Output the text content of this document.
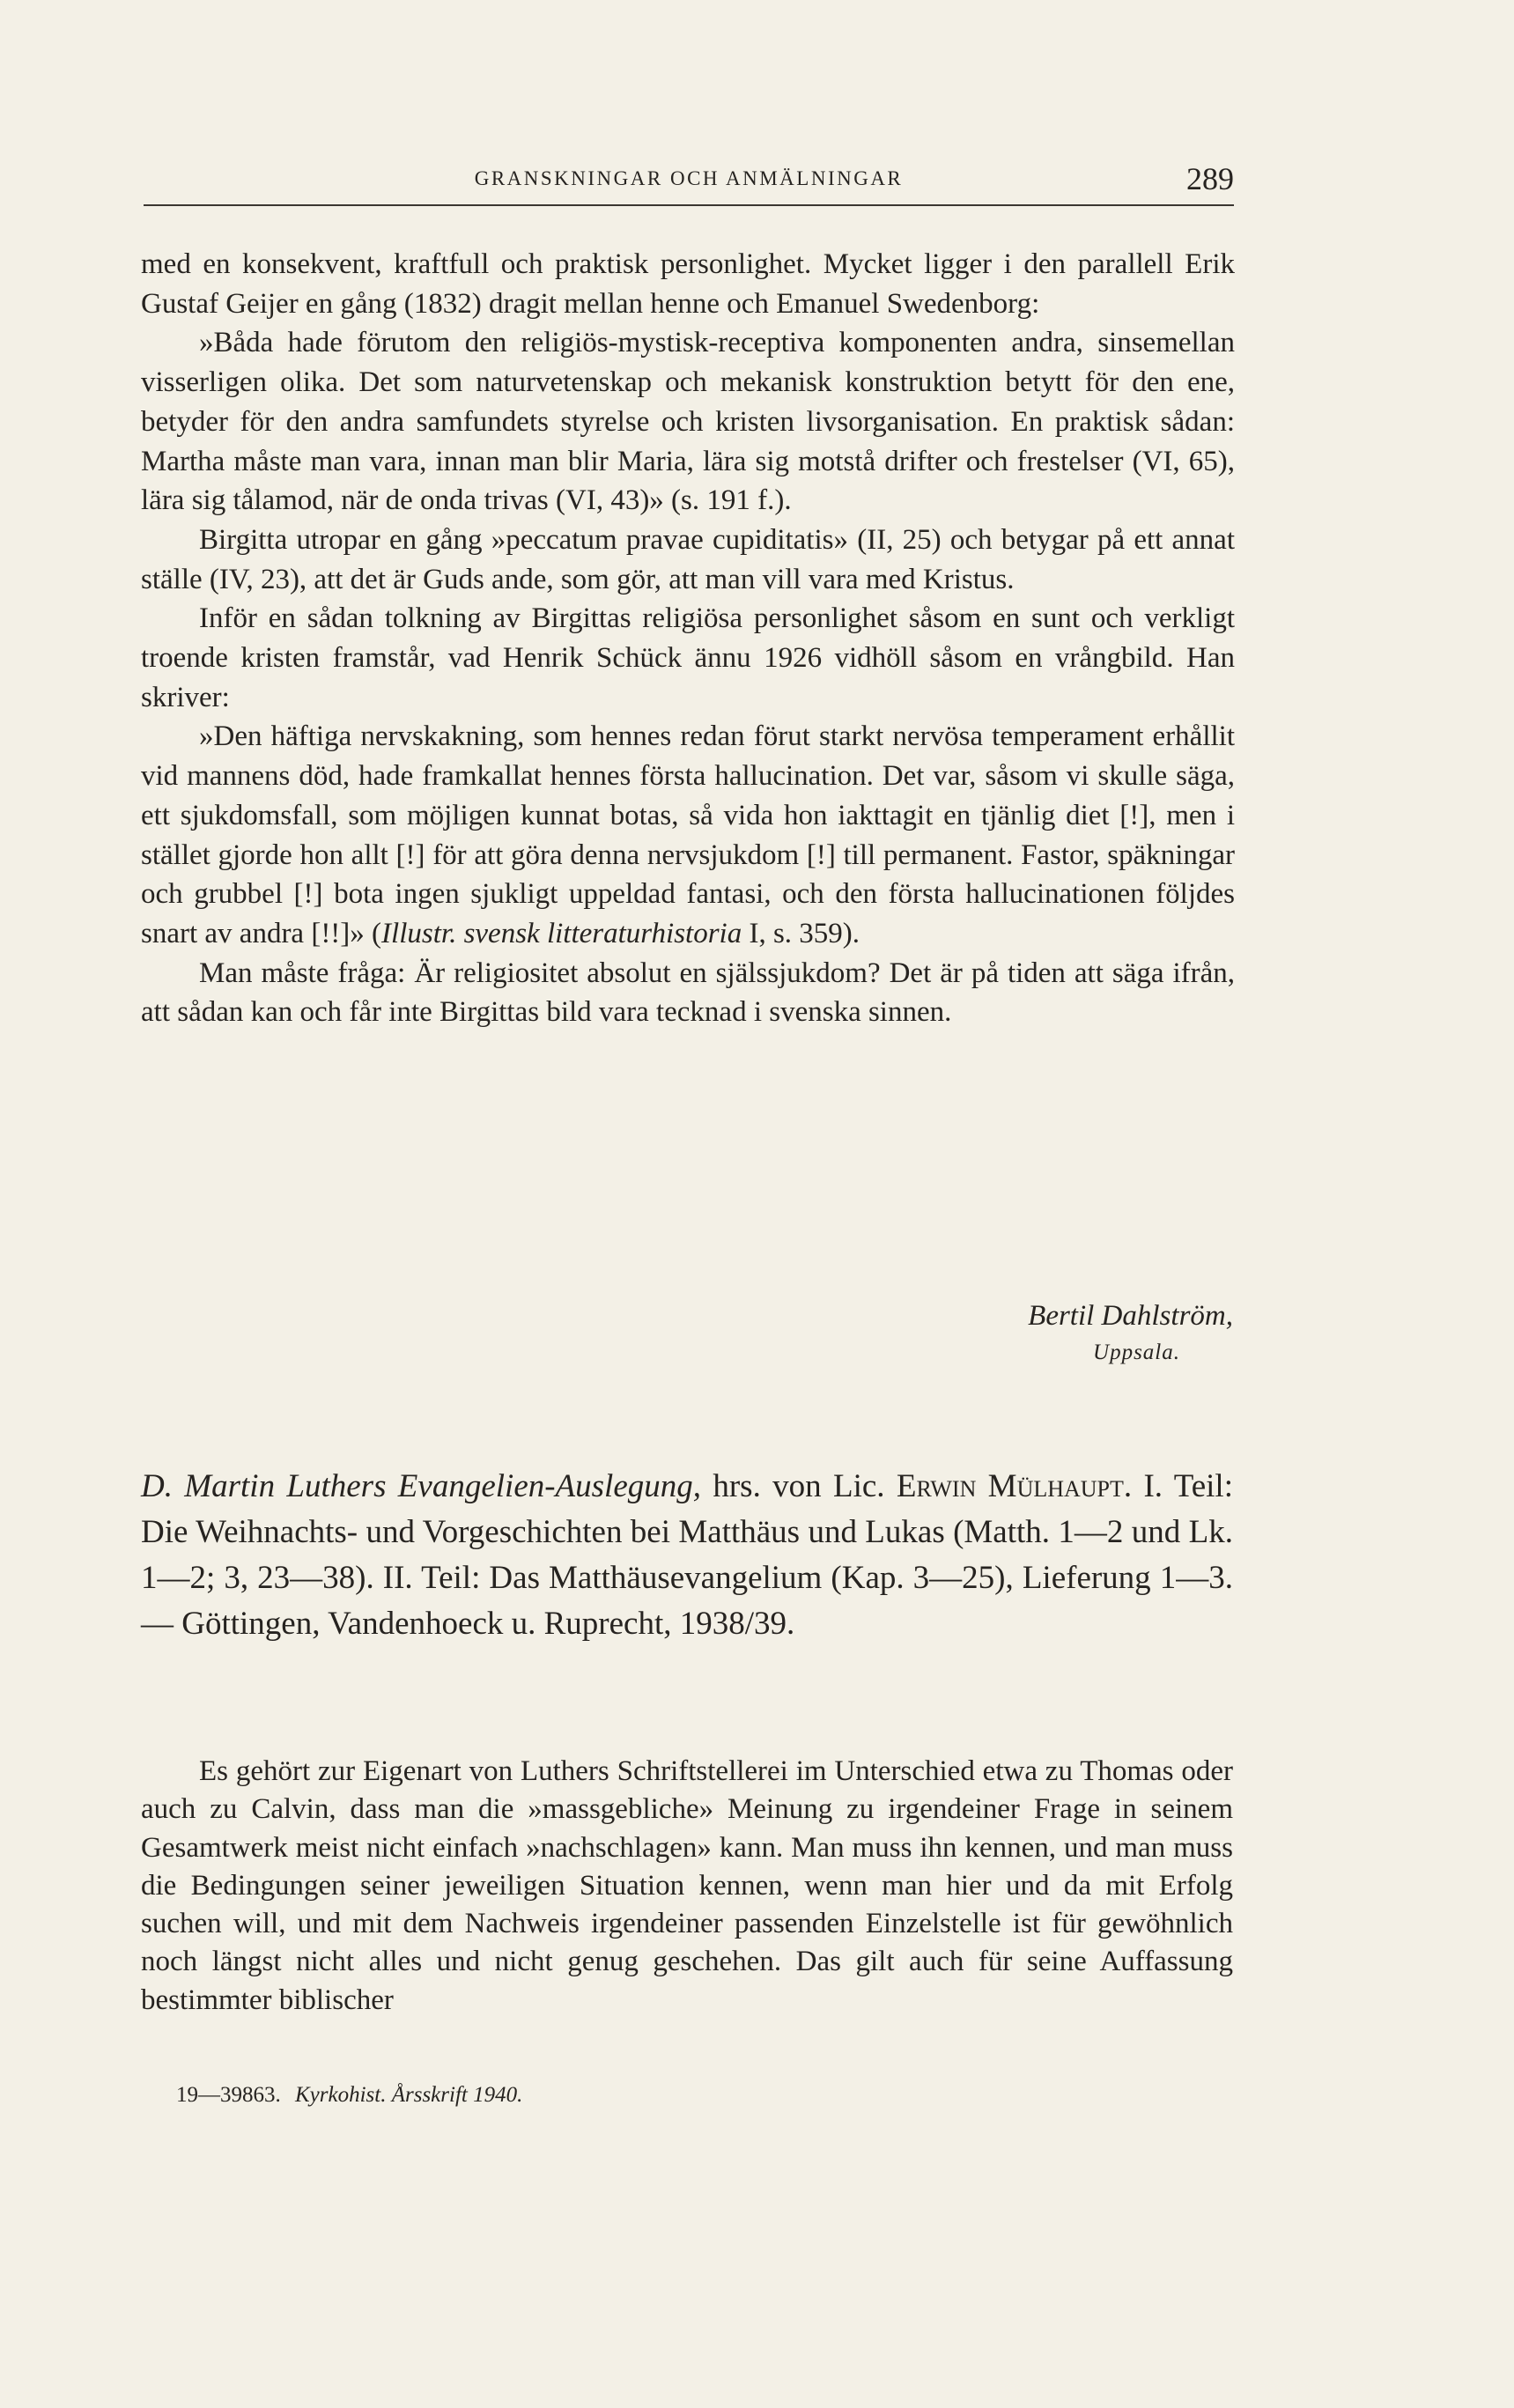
GRANSKNINGAR OCH ANMÄLNINGAR	289

med en konsekvent, kraftfull och praktisk personlighet. Mycket ligger i den parallell Erik Gustaf Geijer en gång (1832) dragit mellan henne och Emanuel Swedenborg:

»Båda hade förutom den religiös-mystisk-receptiva komponenten andra, sinsemellan visserligen olika. Det som naturvetenskap och mekanisk konstruktion betytt för den ene, betyder för den andra samfundets styrelse och kristen livsorganisation. En praktisk sådan: Martha måste man vara, innan man blir Maria, lära sig motstå drifter och frestelser (VI, 65), lära sig tålamod, när de onda trivas (VI, 43)» (s. 191 f.).

Birgitta utropar en gång »peccatum pravae cupiditatis» (II, 25) och betygar på ett annat ställe (IV, 23), att det är Guds ande, som gör, att man vill vara med Kristus.

Inför en sådan tolkning av Birgittas religiösa personlighet såsom en sunt och verkligt troende kristen framstår, vad Henrik Schück ännu 1926 vidhöll såsom en vrångbild. Han skriver:

»Den häftiga nervskakning, som hennes redan förut starkt nervösa temperament erhållit vid mannens död, hade framkallat hennes första hallucination. Det var, såsom vi skulle säga, ett sjukdomsfall, som möjligen kunnat botas, så vida hon iakttagit en tjänlig diet [!], men i stället gjorde hon allt [!] för att göra denna nervsjukdom [!] till permanent. Fastor, späkningar och grubbel [!] bota ingen sjukligt uppeldad fantasi, och den första hallucinationen följdes snart av andra [!!]» (Illustr. svensk litteraturhistoria I, s. 359).

Man måste fråga: Är religiositet absolut en själssjukdom? Det är på tiden att säga ifrån, att sådan kan och får inte Birgittas bild vara tecknad i svenska sinnen.

Bertil Dahlström,
Uppsala.
D. Martin Luthers Evangelien-Auslegung, hrs. von Lic. Erwin Mülhaupt. I. Teil: Die Weihnachts- und Vorgeschichten bei Matthäus und Lukas (Matth. 1—2 und Lk. 1—2; 3, 23—38). II. Teil: Das Matthäusevangelium (Kap. 3—25), Lieferung 1—3. — Göttingen, Vandenhoeck u. Ruprecht, 1938/39.

Es gehört zur Eigenart von Luthers Schriftstellerei im Unterschied etwa zu Thomas oder auch zu Calvin, dass man die »massgebliche» Meinung zu irgendeiner Frage in seinem Gesamtwerk meist nicht einfach »nachschlagen» kann. Man muss ihn kennen, und man muss die Bedingungen seiner jeweiligen Situation kennen, wenn man hier und da mit Erfolg suchen will, und mit dem Nachweis irgendeiner passenden Einzelstelle ist für gewöhnlich noch längst nicht alles und nicht genug geschehen. Das gilt auch für seine Auffassung bestimmter biblischer

19—39863. Kyrkohist. Årsskrift 1940.
